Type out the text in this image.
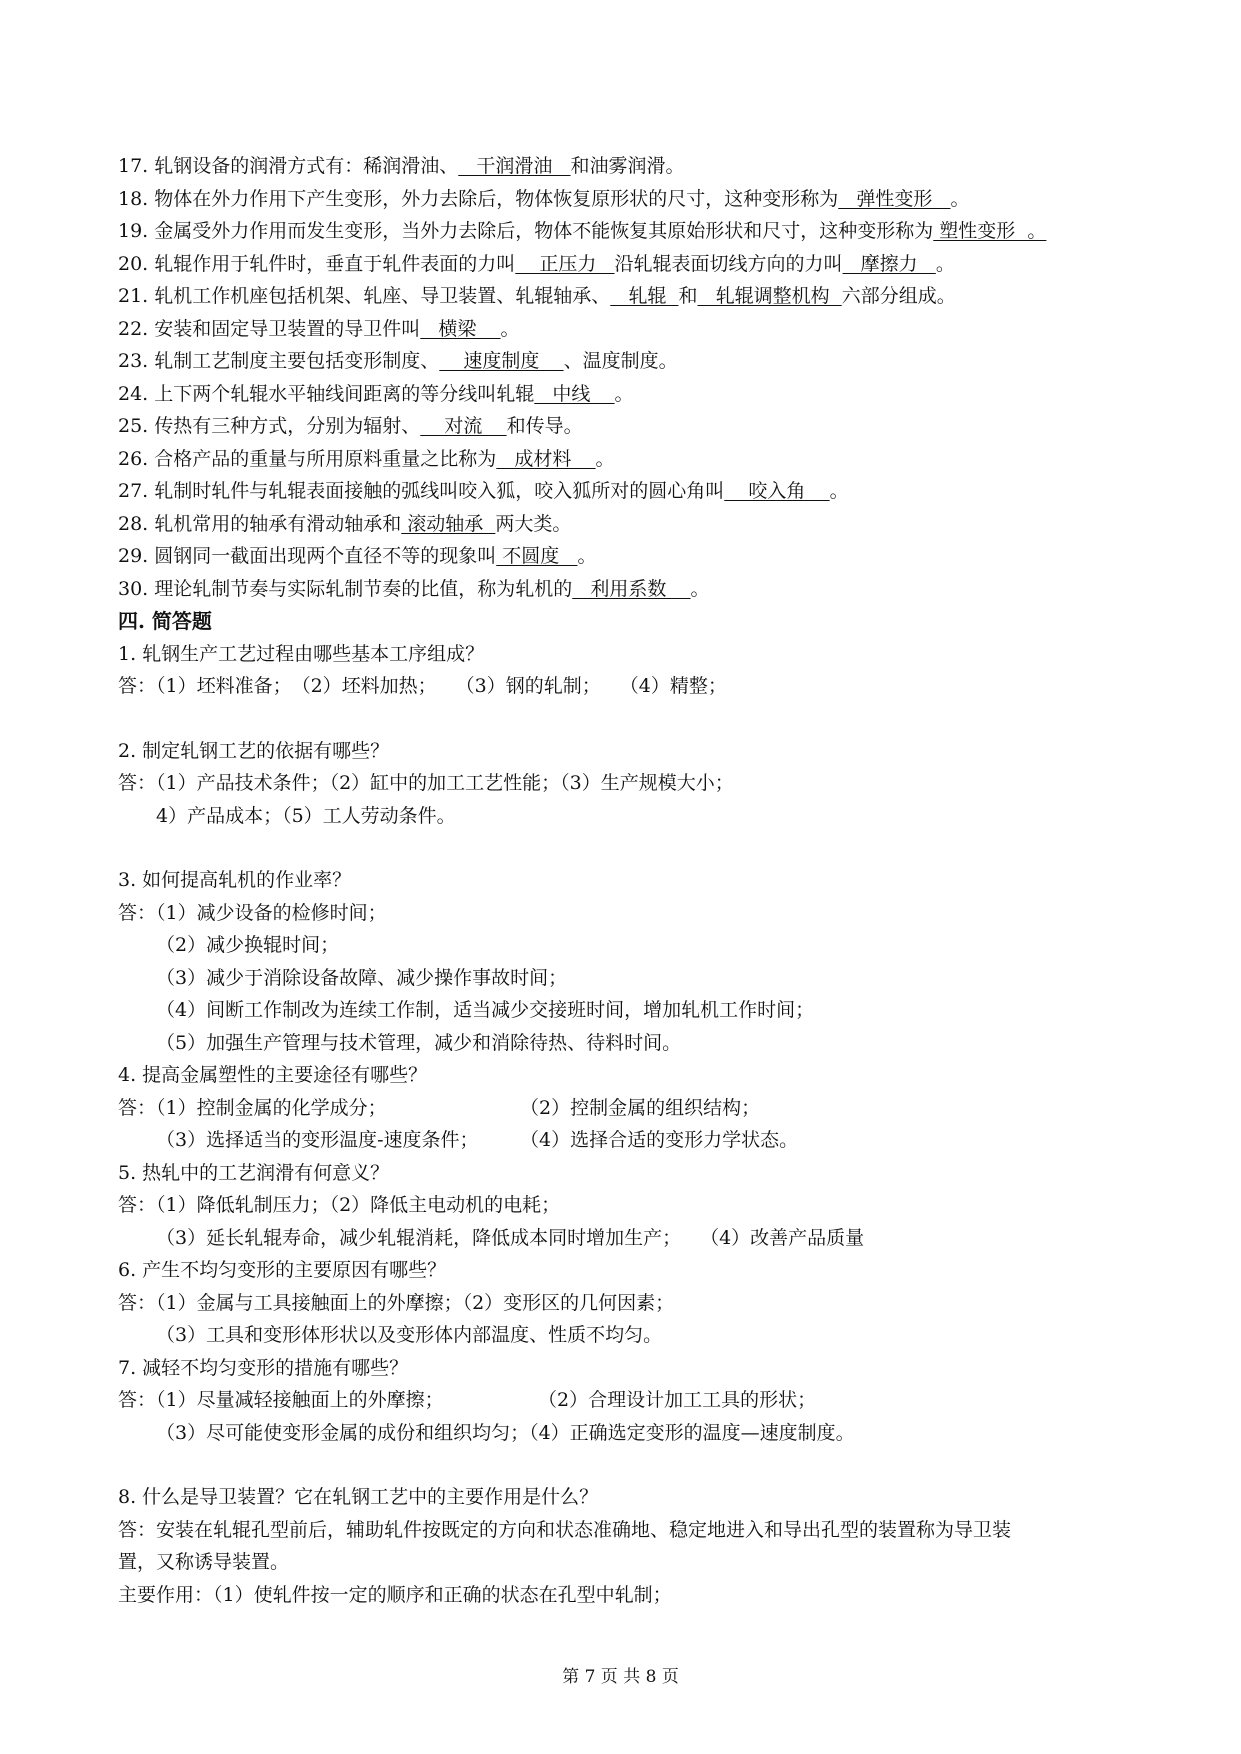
17. 轧钢设备的润滑方式有：稀润滑油、   干润滑油   和油雾润滑。
18. 物体在外力作用下产生变形，外力去除后，物体恢复原形状的尺寸，这种变形称为   弹性变形   。
19. 金属受外力作用而发生变形，当外力去除后，物体不能恢复其原始形状和尺寸，这种变形称为 塑性变形  。
20. 轧辊作用于轧件时，垂直于轧件表面的力叫    正压力   沿轧辊表面切线方向的力叫   摩擦力   。
21. 轧机工作机座包括机架、轧座、导卫装置、轧辊轴承、   轧辊  和   轧辊调整机构  六部分组成。
22. 安装和固定导卫装置的导卫件叫   横梁    。
23. 轧制工艺制度主要包括变形制度、    速度制度    、温度制度。
24. 上下两个轧辊水平轴线间距离的等分线叫轧辊   中线    。
25. 传热有三种方式，分别为辐射、    对流    和传导。
26. 合格产品的重量与所用原料重量之比称为   成材料    。
27. 轧制时轧件与轧辊表面接触的弧线叫咬入狐，咬入狐所对的圆心角叫    咬入角    。
28. 轧机常用的轴承有滑动轴承和 滚动轴承  两大类。
29. 圆钢同一截面出现两个直径不等的现象叫 不圆度   。
30. 理论轧制节奏与实际轧制节奏的比值，称为轧机的   利用系数    。
四. 简答题
1. 轧钢生产工艺过程由哪些基本工序组成？
答：（1）坯料准备；　（2）坯料加热；　　（3）钢的轧制；　　（4）精整；
2. 制定轧钢工艺的依据有哪些？
答：（1）产品技术条件；（2）缸中的加工工艺性能；（3）生产规模大小；
4）产品成本；（5）工人劳动条件。
3. 如何提高轧机的作业率？
答：（1）减少设备的检修时间；
（2）减少换辊时间；
（3）减少于消除设备故障、减少操作事故时间；
（4）间断工作制改为连续工作制，适当减少交接班时间，增加轧机工作时间；
（5）加强生产管理与技术管理，减少和消除待热、待料时间。
4. 提高金属塑性的主要途径有哪些？
答：（1）控制金属的化学成分；	（2）控制金属的组织结构；
（3）选择适当的变形温度-速度条件； （4）选择合适的变形力学状态。
5. 热轧中的工艺润滑有何意义？
答：（1）降低轧制压力；（2）降低主电动机的电耗；
（3）延长轧辊寿命，减少轧辊消耗，降低成本同时增加生产；　　（4）改善产品质量
6. 产生不均匀变形的主要原因有哪些？
答：（1）金属与工具接触面上的外摩擦；（2）变形区的几何因素；
（3）工具和变形体形状以及变形体内部温度、性质不均匀。
7. 减轻不均匀变形的措施有哪些？
答：（1）尽量减轻接触面上的外摩擦；	（2）合理设计加工工具的形状；
（3）尽可能使变形金属的成份和组织均匀；（4）正确选定变形的温度—速度制度。
8. 什么是导卫装置？它在轧钢工艺中的主要作用是什么？
答：安装在轧辊孔型前后，辅助轧件按既定的方向和状态准确地、稳定地进入和导出孔型的装置称为导卫装
置，又称诱导装置。
主要作用：（1）使轧件按一定的顺序和正确的状态在孔型中轧制；
第 7 页 共 8 页
